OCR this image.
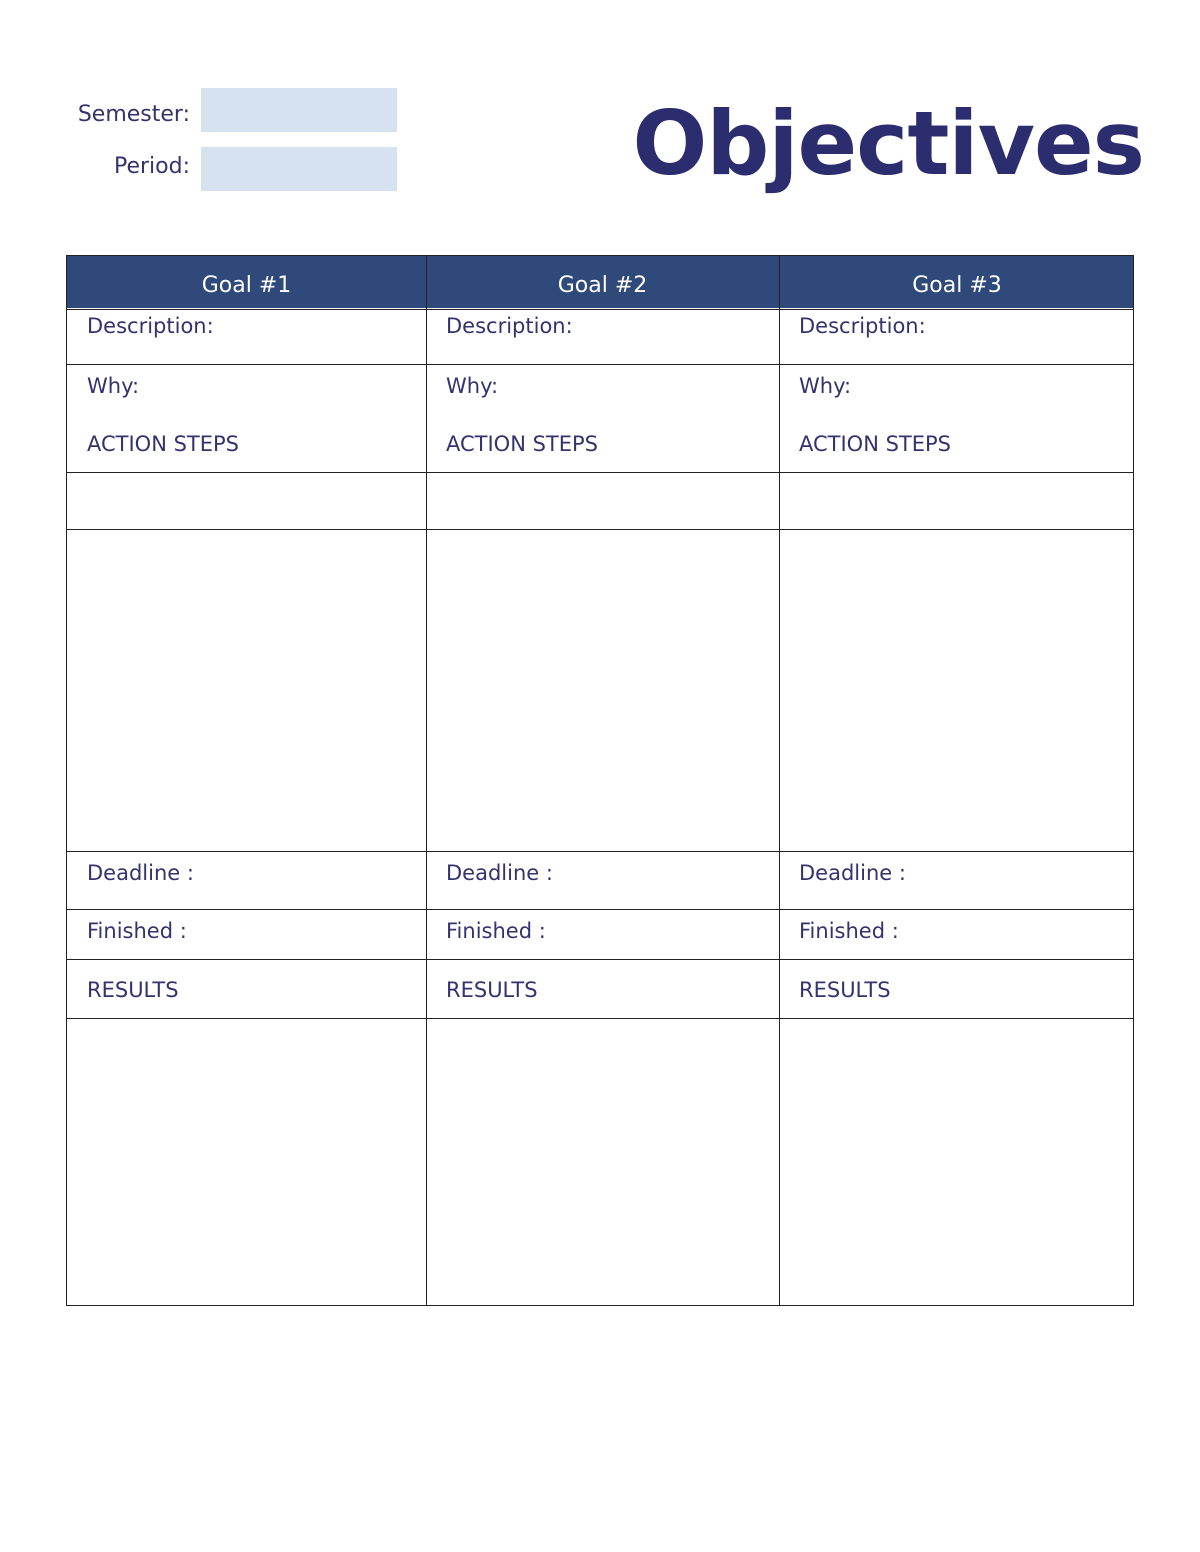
Semester:
Period:	Objectives
Goal #1
Description:
Why:
ACTION STEPS
Deadline :
Finished :
RESULTS
Goal #2
Description:
Why:
ACTION STEPS
Deadline :
Finished :
RESULTS
Goal #3
Description:
Why:
ACTION STEPS
Deadline :
Finished :
RESULTS
